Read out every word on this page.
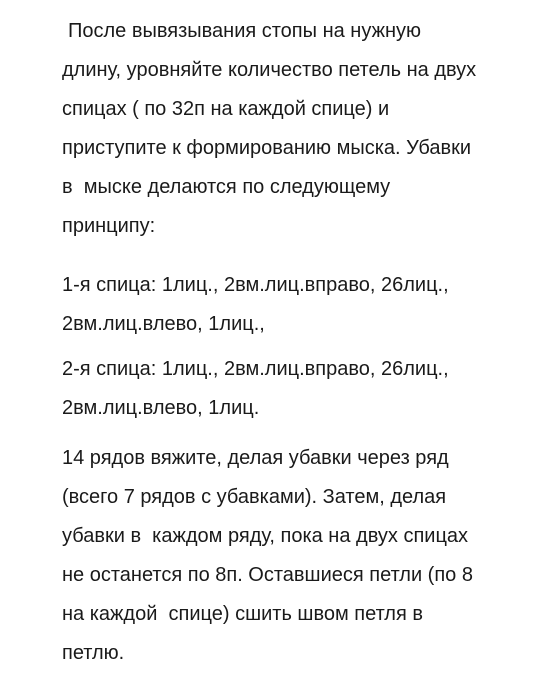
После вывязывания стопы на нужную
длину, уровняйте количество петель на двух
спицах ( по 32п на каждой спице) и
приступите к формированию мыска. Убавки
в  мыске делаются по следующему
принципу:

1-я спица: 1лиц., 2вм.лиц.вправо, 26лиц.,
2вм.лиц.влево, 1лиц.,

2-я спица: 1лиц., 2вм.лиц.вправо, 26лиц.,
2вм.лиц.влево, 1лиц.

14 рядов вяжите, делая убавки через ряд
(всего 7 рядов с убавками). Затем, делая
убавки в  каждом ряду, пока на двух спицах
не останется по 8п. Оставшиеся петли (по 8
на каждой  спице) сшить швом петля в
петлю.
